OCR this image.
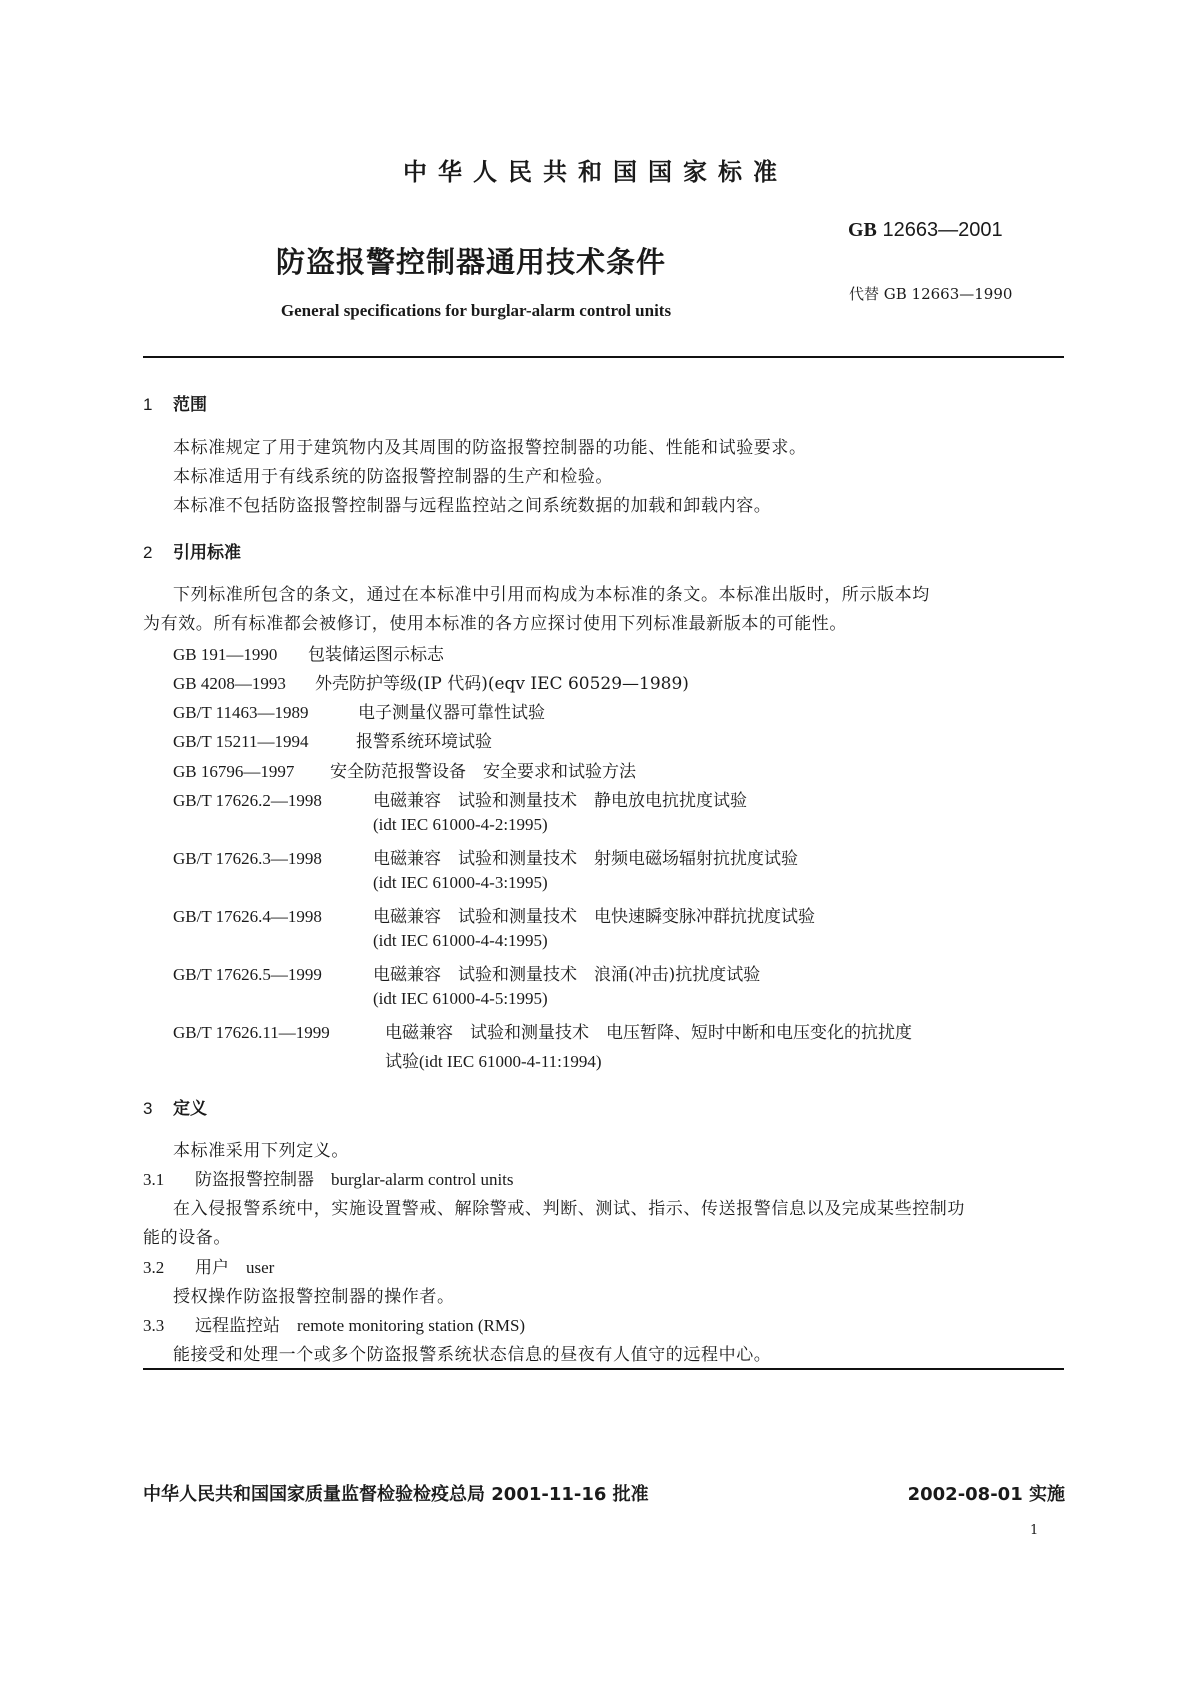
中华人民共和国国家标准
GB 12663—2001
防盗报警控制器通用技术条件
代替 GB 12663—1990
General specifications for burglar-alarm control units
1 范围
本标准规定了用于建筑物内及其周围的防盗报警控制器的功能、性能和试验要求。
本标准适用于有线系统的防盗报警控制器的生产和检验。
本标准不包括防盗报警控制器与远程监控站之间系统数据的加载和卸载内容。
2 引用标准
下列标准所包含的条文，通过在本标准中引用而构成为本标准的条文。本标准出版时，所示版本均
为有效。所有标准都会被修订，使用本标准的各方应探讨使用下列标准最新版本的可能性。
GB 191—1990 包装储运图示标志
GB 4208—1993 外壳防护等级(IP 代码)(eqv IEC 60529—1989)
GB/T 11463—1989	电子测量仪器可靠性试验
GB/T 15211—1994	报警系统环境试验
GB 16796—1997 安全防范报警设备　安全要求和试验方法
GB/T 17626.2—1998	电磁兼容　试验和测量技术　静电放电抗扰度试验
(idt IEC 61000-4-2:1995)
GB/T 17626.3—1998	电磁兼容　试验和测量技术　射频电磁场辐射抗扰度试验
(idt IEC 61000-4-3:1995)
GB/T 17626.4—1998	电磁兼容　试验和测量技术　电快速瞬变脉冲群抗扰度试验
(idt IEC 61000-4-4:1995)
GB/T 17626.5—1999	电磁兼容　试验和测量技术　浪涌(冲击)抗扰度试验
(idt IEC 61000-4-5:1995)
GB/T 17626.11—1999	电磁兼容　试验和测量技术　电压暂降、短时中断和电压变化的抗扰度
试验(idt IEC 61000-4-11:1994)
3 定义
本标准采用下列定义。
3.1 防盗报警控制器　 burglar-alarm control units
在入侵报警系统中，实施设置警戒、解除警戒、判断、测试、指示、传送报警信息以及完成某些控制功
能的设备。
3.2 用户　 user
授权操作防盗报警控制器的操作者。
3.3 远程监控站　 remote monitoring station (RMS)
能接受和处理一个或多个防盗报警系统状态信息的昼夜有人值守的远程中心。
中华人民共和国国家质量监督检验检疫总局 2001-11-16 批准	2002-08-01 实施
1
